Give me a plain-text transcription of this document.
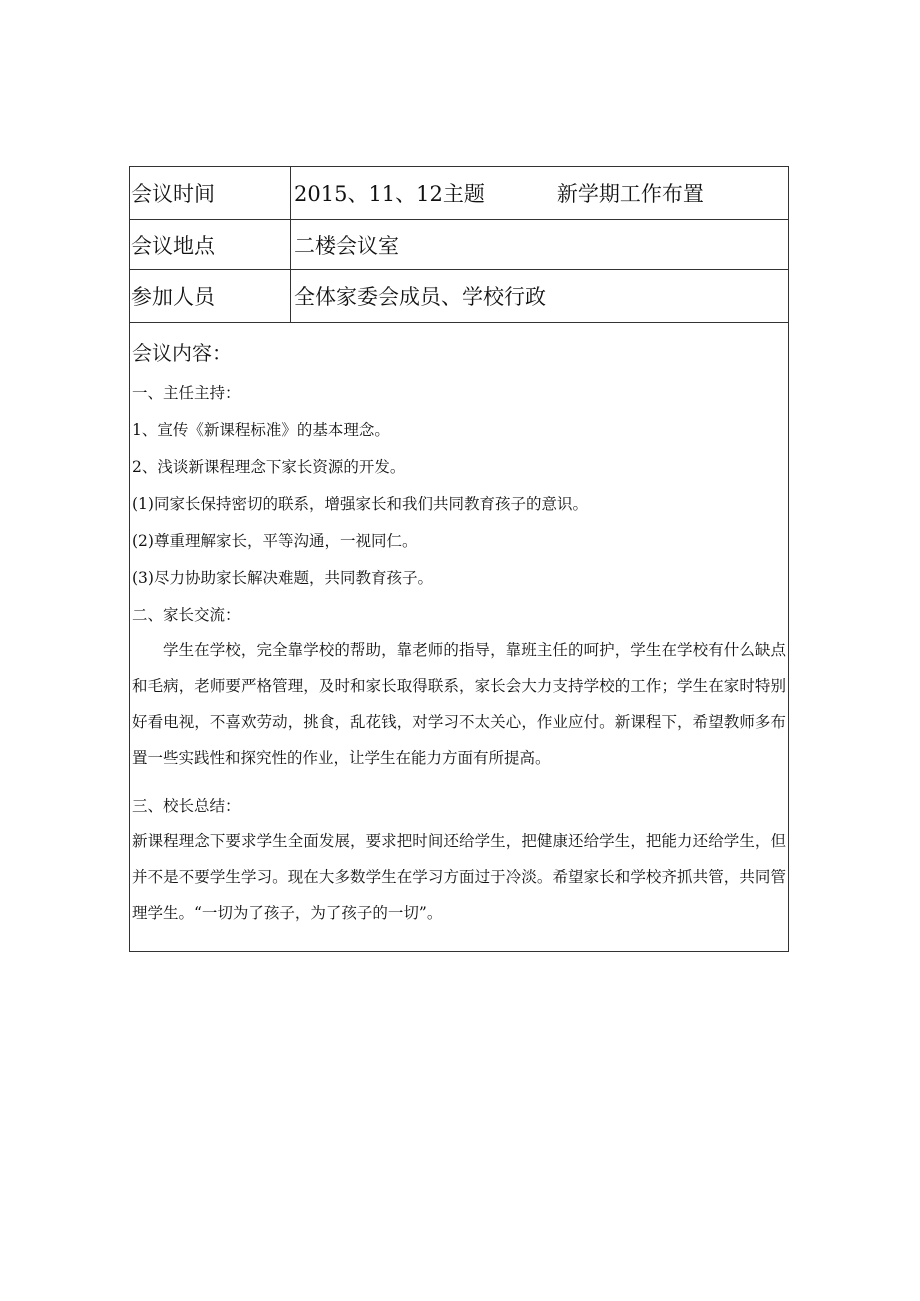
会议时间	2015、11、12 主题	新学期工作布置
会议地点	二楼会议室
参加人员	全体家委会成员、学校行政
会议内容：
一、主任主持：
1、宣传《新课程标准》的基本理念。
2、浅谈新课程理念下家长资源的开发。
(1)同家长保持密切的联系，增强家长和我们共同教育孩子的意识。
(2)尊重理解家长，平等沟通，一视同仁。
(3)尽力协助家长解决难题，共同教育孩子。
二、家长交流：
学生在学校，完全靠学校的帮助，靠老师的指导，靠班主任的呵护，学生在学校有什么缺点和毛病，老师要严格管理，及时和家长取得联系，家长会大力支持学校的工作；学生在家时特别好看电视，不喜欢劳动，挑食，乱花钱，对学习不太关心，作业应付。新课程下，希望教师多布置一些实践性和探究性的作业，让学生在能力方面有所提高。
三、校长总结：
新课程理念下要求学生全面发展，要求把时间还给学生，把健康还给学生，把能力还给学生，但并不是不要学生学习。现在大多数学生在学习方面过于冷淡。希望家长和学校齐抓共管，共同管理学生。“一切为了孩子，为了孩子的一切”。
